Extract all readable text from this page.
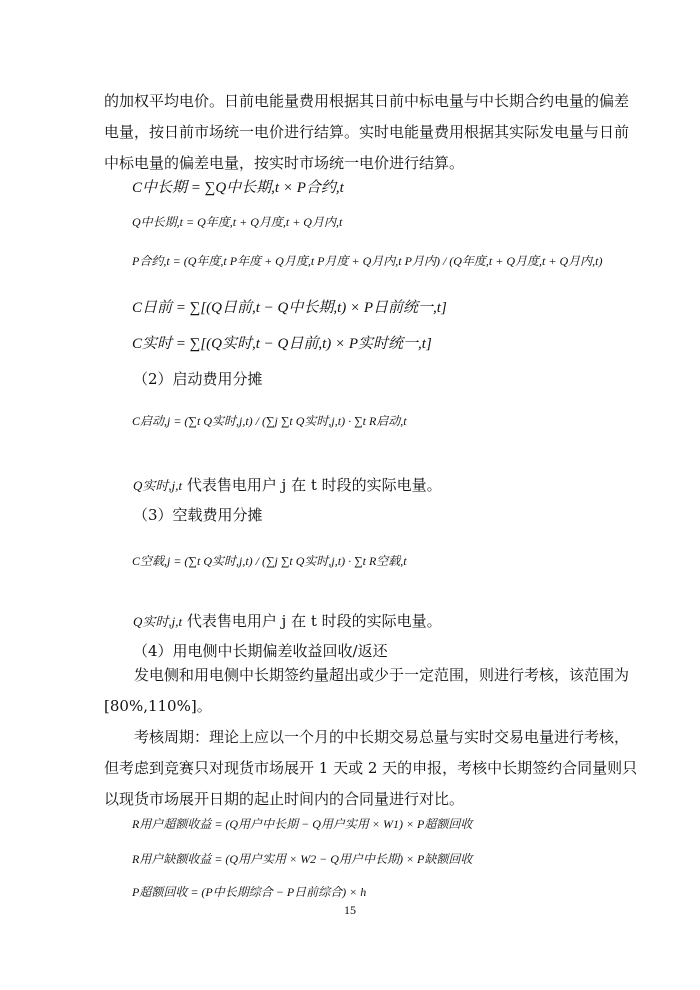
的加权平均电价。日前电能量费用根据其日前中标电量与中长期合约电量的偏差
电量，按日前市场统一电价进行结算。实时电能量费用根据其实际发电量与日前
中标电量的偏差电量，按实时市场统一电价进行结算。

C中长期 = ∑Q中长期,t × P合约,t
Q中长期,t = Q年度,t + Q月度,t + Q月内,t
P合约,t = (Q年度,t P年度 + Q月度,t P月度 + Q月内,t P月内) / (Q年度,t + Q月度,t + Q月内,t)
C日前 = ∑[(Q日前,t − Q中长期,t) × P日前统一,t]
C实时 = ∑[(Q实时,t − Q日前,t) × P实时统一,t]
（2）启动费用分摊
C启动,j = (∑t Q实时,j,t) / (∑j ∑t Q实时,j,t) · ∑t R启动,t
Q实时,j,t 代表售电用户 j 在 t 时段的实际电量。
（3）空载费用分摊
C空载,j = (∑t Q实时,j,t) / (∑j ∑t Q实时,j,t) · ∑t R空载,t
Q实时,j,t 代表售电用户 j 在 t 时段的实际电量。
（4）用电侧中长期偏差收益回收/返还

发电侧和用电侧中长期签约量超出或少于一定范围，则进行考核，该范围为
[80%,110%]。

考核周期：理论上应以一个月的中长期交易总量与实时交易电量进行考核，
但考虑到竞赛只对现货市场展开 1 天或 2 天的申报，考核中长期签约合同量则只
以现货市场展开日期的起止时间内的合同量进行对比。

R用户超额收益 = (Q用户中长期 − Q用户实用 × W1) × P超额回收
R用户缺额收益 = (Q用户实用 × W2 − Q用户中长期) × P缺额回收
P超额回收 = (P中长期综合 − P日前综合) × h
15
